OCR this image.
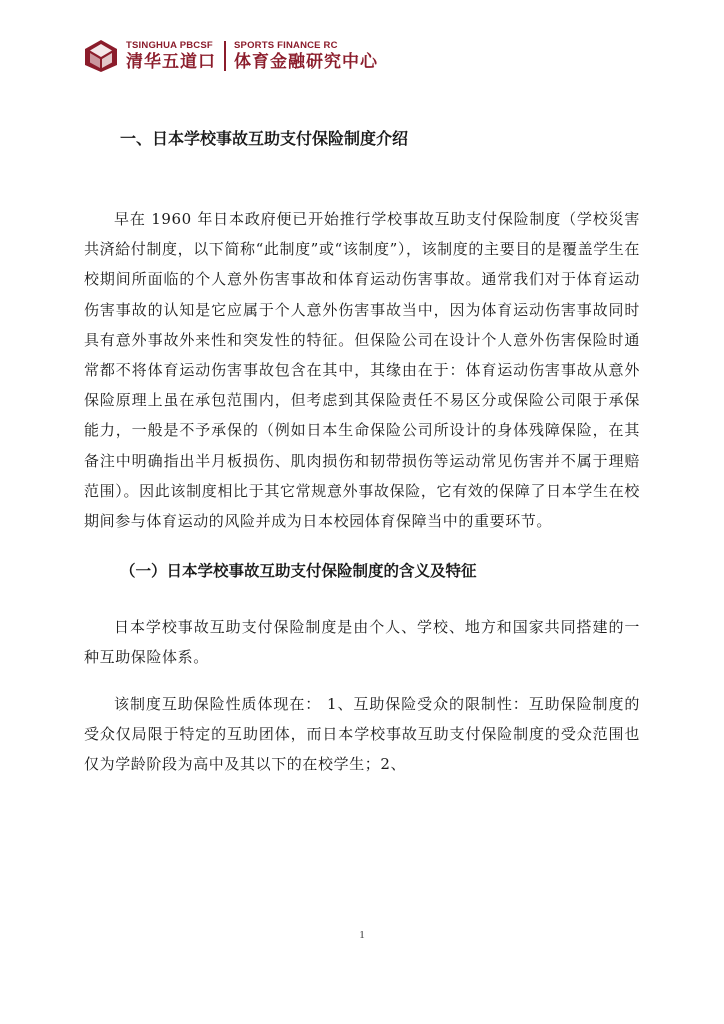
TSINGHUA PBCSF
清华五道口
SPORTS FINANCE RC
体育金融研究中心
一、日本学校事故互助支付保险制度介绍

早在 1960 年日本政府便已开始推行学校事故互助支付保险制度（学校災害共済給付制度，以下简称“此制度”或“该制度”），该制度的主要目的是覆盖学生在校期间所面临的个人意外伤害事故和体育运动伤害事故。通常我们对于体育运动伤害事故的认知是它应属于个人意外伤害事故当中，因为体育运动伤害事故同时具有意外事故外来性和突发性的特征。但保险公司在设计个人意外伤害保险时通常都不将体育运动伤害事故包含在其中，其缘由在于：体育运动伤害事故从意外保险原理上虽在承包范围内，但考虑到其保险责任不易区分或保险公司限于承保能力，一般是不予承保的（例如日本生命保险公司所设计的身体残障保险，在其备注中明确指出半月板损伤、肌肉损伤和韧带损伤等运动常见伤害并不属于理赔范围）。因此该制度相比于其它常规意外事故保险，它有效的保障了日本学生在校期间参与体育运动的风险并成为日本校园体育保障当中的重要环节。

（一）日本学校事故互助支付保险制度的含义及特征

日本学校事故互助支付保险制度是由个人、学校、地方和国家共同搭建的一种互助保险体系。

该制度互助保险性质体现在： 1、互助保险受众的限制性：互助保险制度的受众仅局限于特定的互助团体，而日本学校事故互助支付保险制度的受众范围也仅为学龄阶段为高中及其以下的在校学生；2、

1
